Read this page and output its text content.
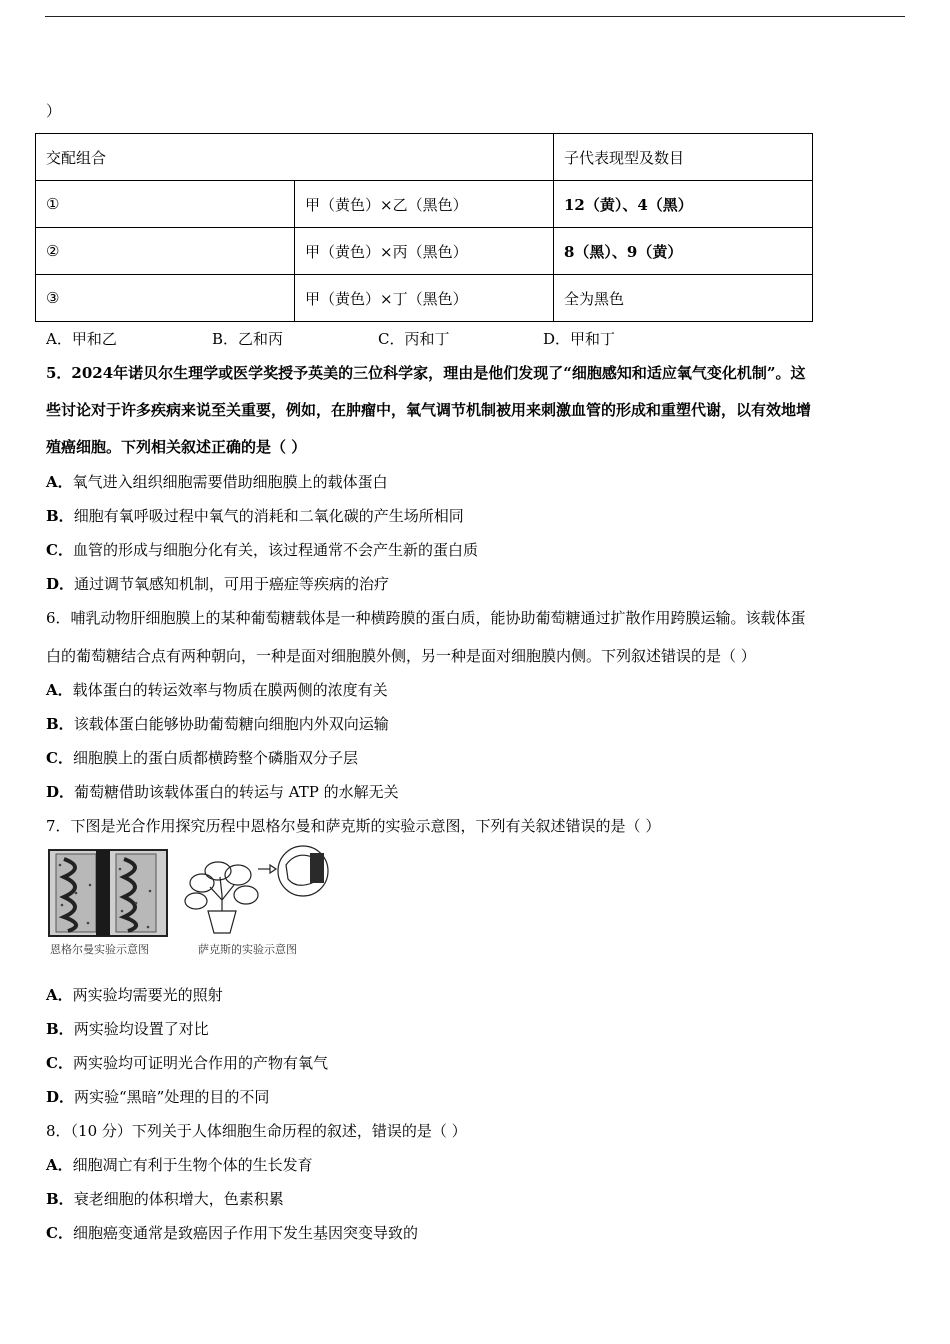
）
交配组合		子代表现型及数目
①	甲（黄色）×乙（黑色）	12（黄）、4（黑）
②	甲（黄色）×丙（黑色）	8（黑）、9（黄）
③	甲（黄色）×丁（黑色）	全为黑色
A．甲和乙	B．乙和丙	C．丙和丁	D．甲和丁
5．2024年诺贝尔生理学或医学奖授予英美的三位科学家，理由是他们发现了“细胞感知和适应氧气变化机制”。这
些讨论对于许多疾病来说至关重要，例如，在肿瘤中，氧气调节机制被用来刺激血管的形成和重塑代谢，以有效地增
殖癌细胞。下列相关叙述正确的是（ ）
A．氧气进入组织细胞需要借助细胞膜上的载体蛋白
B．细胞有氧呼吸过程中氧气的消耗和二氧化碳的产生场所相同
C．血管的形成与细胞分化有关，该过程通常不会产生新的蛋白质
D．通过调节氧感知机制，可用于癌症等疾病的治疗
6．哺乳动物肝细胞膜上的某种葡萄糖载体是一种横跨膜的蛋白质，能协助葡萄糖通过扩散作用跨膜运输。该载体蛋
白的葡萄糖结合点有两种朝向，一种是面对细胞膜外侧，另一种是面对细胞膜内侧。下列叙述错误的是（ ）
A．载体蛋白的转运效率与物质在膜两侧的浓度有关
B．该载体蛋白能够协助葡萄糖向细胞内外双向运输
C．细胞膜上的蛋白质都横跨整个磷脂双分子层
D．葡萄糖借助该载体蛋白的转运与 ATP 的水解无关
7．下图是光合作用探究历程中恩格尔曼和萨克斯的实验示意图，下列有关叙述错误的是（ ）
恩格尔曼实验示意图	萨克斯的实验示意图
A．两实验均需要光的照射
B．两实验均设置了对比
C．两实验均可证明光合作用的产物有氧气
D．两实验“黑暗”处理的目的不同
8．（10 分）下列关于人体细胞生命历程的叙述，错误的是（ ）
A．细胞凋亡有利于生物个体的生长发育
B．衰老细胞的体积增大，色素积累
C．细胞癌变通常是致癌因子作用下发生基因突变导致的
